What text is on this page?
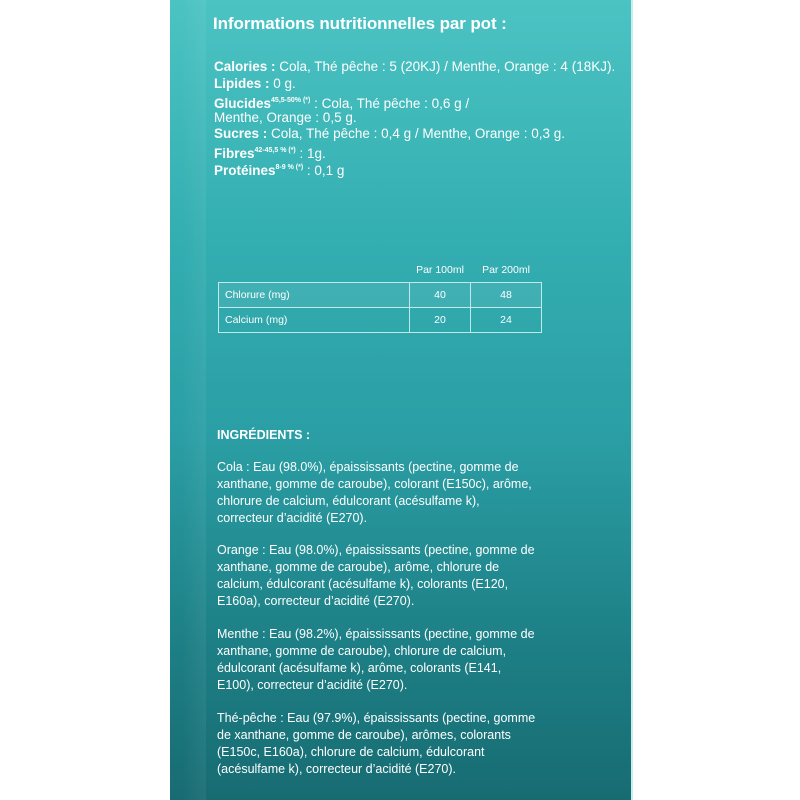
Informations nutritionnelles par pot :
Calories : Cola, Thé pêche : 5 (20KJ) / Menthe, Orange : 4 (18KJ).
Lipides : 0 g.
Glucides$^{45,5-50\% (*)}$ : Cola, Thé pêche : 0,6 g /
Menthe, Orange : 0,5 g.
Sucres : Cola, Thé pêche : 0,4 g / Menthe, Orange : 0,3 g.
Fibres$^{42-45,5 \% (*)}$ : 1g.
Protéines$^{8-9 \% (*)}$ : 0,1 g
	Par 100ml	Par 200ml
Chlorure (mg)	40	48
Calcium (mg)	20	24
INGRÉDIENTS :

Cola : Eau (98.0%), épaississants (pectine, gomme de
xanthane, gomme de caroube), colorant (E150c), arôme,
chlorure de calcium, édulcorant (acésulfame k),
correcteur d’acidité (E270).

Orange : Eau (98.0%), épaississants (pectine, gomme de
xanthane, gomme de caroube), arôme, chlorure de
calcium, édulcorant (acésulfame k), colorants (E120,
E160a), correcteur d’acidité (E270).

Menthe : Eau (98.2%), épaississants (pectine, gomme de
xanthane, gomme de caroube), chlorure de calcium,
édulcorant (acésulfame k), arôme, colorants (E141,
E100), correcteur d’acidité (E270).

Thé-pêche : Eau (97.9%), épaississants (pectine, gomme
de xanthane, gomme de caroube), arômes, colorants
(E150c, E160a), chlorure de calcium, édulcorant
(acésulfame k), correcteur d’acidité (E270).
